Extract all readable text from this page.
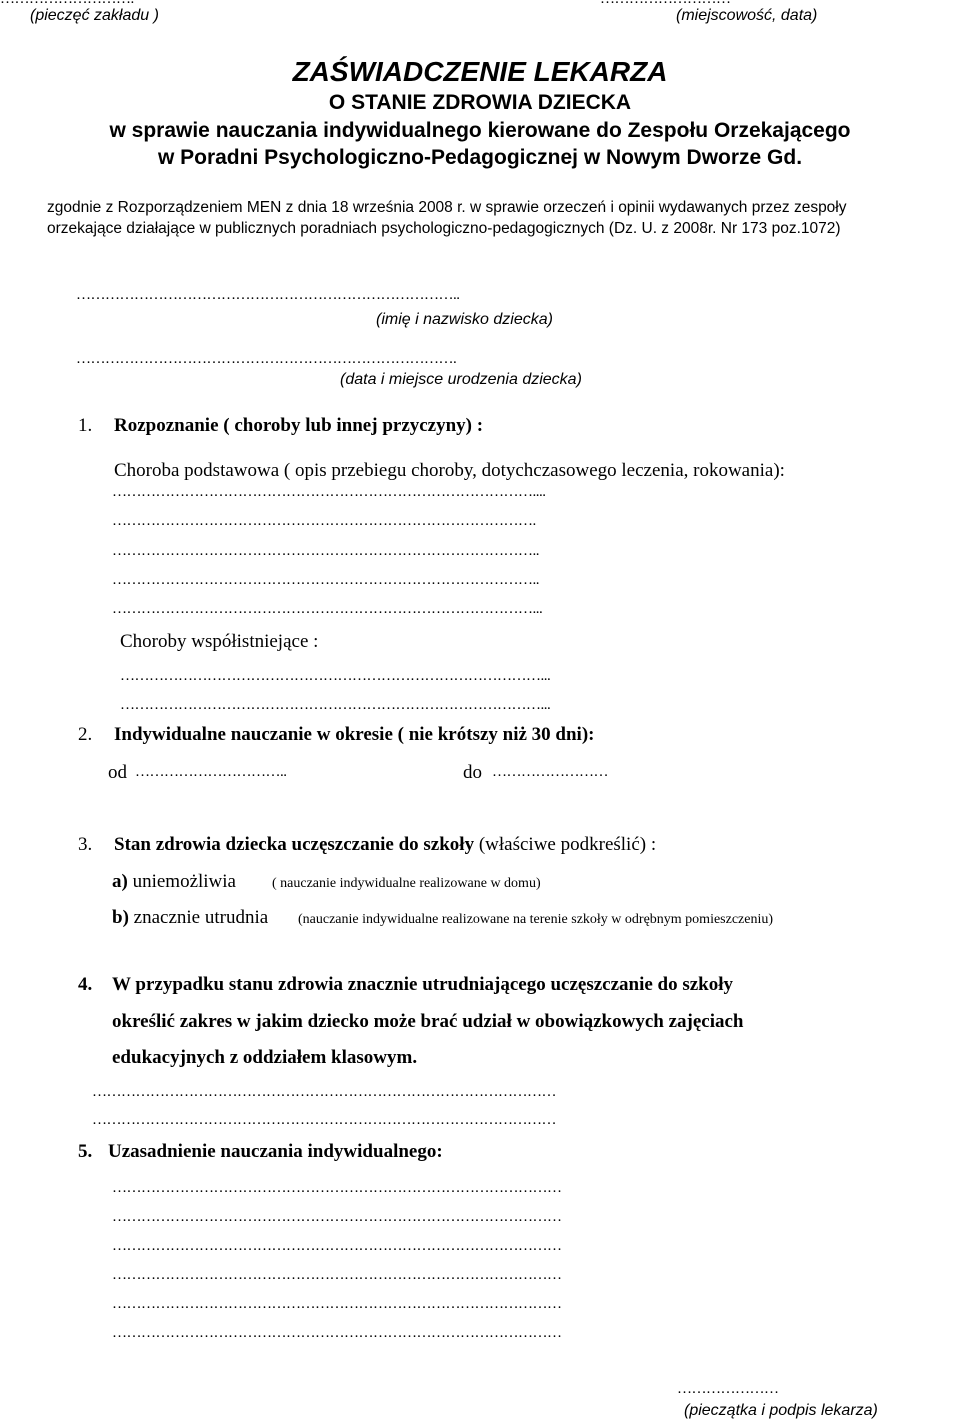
(pieczęć zakładu )	(miejscowość, data)
ZAŚWIADCZENIE LEKARZA
O STANIE ZDROWIA DZIECKA
w sprawie nauczania indywidualnego kierowane do Zespołu Orzekającego
w Poradni Psychologiczno-Pedagogicznej w Nowym Dworze Gd.
zgodnie z Rozporządzeniem MEN z dnia 18 września 2008 r. w sprawie orzeczeń i opinii wydawanych przez zespoły
orzekające działające w publicznych poradniach psychologiczno-pedagogicznych (Dz. U. z 2008r. Nr 173 poz.1072)
……………………………………………………………………..
(imię i nazwisko dziecka)
…………………………………………………………………….
(data i miejsce urodzenia dziecka)
1. Rozpoznanie ( choroby lub innej przyczyny) :
Choroba podstawowa ( opis przebiegu choroby, dotychczasowego leczenia, rokowania):
……………………………………………………………………………....
…………………………………………………………………………….
……………………………………………………………………………..
……………………………………………………………………………..
……………………………………………………………………………...
Choroby współistniejące :
……………………………………………………………………………...
……………………………………………………………………………...
2. Indywidualne nauczanie w okresie ( nie krótszy niż 30 dni):
od …………………………..	do ……………………
3. Stan zdrowia dziecka uczęszczanie do szkoły (właściwe podkreślić) :
a) uniemożliwia	( nauczanie indywidualne realizowane w domu)
b) znacznie utrudnia (nauczanie indywidualne realizowane na terenie szkoły w odrębnym pomieszczeniu)
4. W przypadku stanu zdrowia znacznie utrudniającego uczęszczanie do szkoły
określić zakres w jakim dziecko może brać udział w obowiązkowych zajęciach
edukacyjnych z oddziałem klasowym.
……………………………………………………………………………………
……………………………………………………………………………………
5. Uzasadnienie nauczania indywidualnego:
…………………………………………………………………………………
…………………………………………………………………………………
…………………………………………………………………………………
…………………………………………………………………………………
…………………………………………………………………………………
…………………………………………………………………………………
…………………
(pieczątka i podpis lekarza)
